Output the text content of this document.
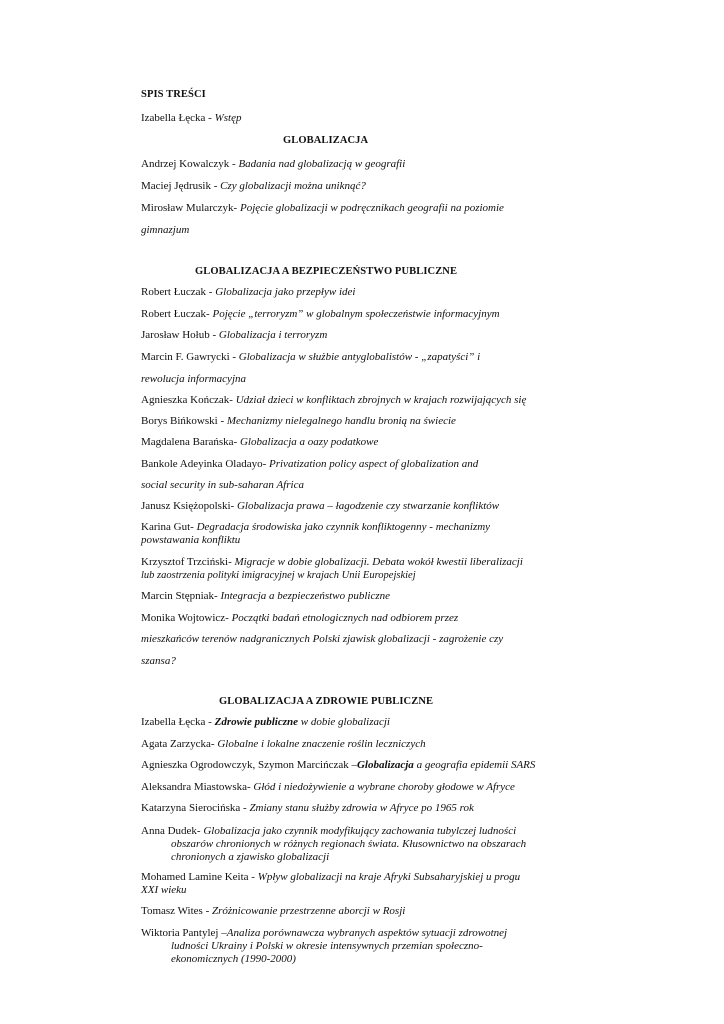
SPIS TREŚCI
Izabella Łęcka - Wstęp
GLOBALIZACJA
Andrzej Kowalczyk - Badania nad globalizacją w geografii
Maciej Jędrusik - Czy globalizacji można uniknąć?
Mirosław Mularczyk- Pojęcie globalizacji w podręcznikach geografii na poziomie
gimnazjum
GLOBALIZACJA A BEZPIECZEŃSTWO PUBLICZNE
Robert Łuczak - Globalizacja jako przepływ idei
Robert Łuczak- Pojęcie „terroryzm” w globalnym społeczeństwie informacyjnym
Jarosław Hołub - Globalizacja i terroryzm
Marcin F. Gawrycki - Globalizacja w służbie antyglobalistów - „zapatyści” i
rewolucja informacyjna
Agnieszka Kończak- Udział dzieci w konfliktach zbrojnych w krajach rozwijających się
Borys Bińkowski - Mechanizmy nielegalnego handlu bronią na świecie
Magdalena Barańska- Globalizacja a oazy podatkowe
Bankole Adeyinka Oladayo- Privatization policy aspect of globalization and
social security in sub-saharan Africa
Janusz Księżopolski- Globalizacja prawa – łagodzenie czy stwarzanie konfliktów
Karina Gut- Degradacja środowiska jako czynnik konfliktogenny - mechanizmy
powstawania konfliktu
Krzysztof Trzciński- Migracje w dobie globalizacji. Debata wokół kwestii liberalizacji
lub zaostrzenia polityki imigracyjnej w krajach Unii Europejskiej
Marcin Stępniak- Integracja a bezpieczeństwo publiczne
Monika Wojtowicz- Początki badań etnologicznych nad odbiorem przez
mieszkańców terenów nadgranicznych Polski zjawisk globalizacji - zagrożenie czy
szansa?
GLOBALIZACJA A ZDROWIE PUBLICZNE
Izabella Łęcka - Zdrowie publiczne w dobie globalizacji
Agata Zarzycka- Globalne i lokalne znaczenie roślin leczniczych
Agnieszka Ogrodowczyk, Szymon Marcińczak –Globalizacja a geografia epidemii SARS
Aleksandra Miastowska- Głód i niedożywienie a wybrane choroby głodowe w Afryce
Katarzyna Sierocińska - Zmiany stanu służby zdrowia w Afryce po 1965 rok
Anna Dudek- Globalizacja jako czynnik modyfikujący zachowania tubylczej ludności
obszarów chronionych w różnych regionach świata. Kłusownictwo na obszarach
chronionych a zjawisko globalizacji
Mohamed Lamine Keita - Wpływ globalizacji na kraje Afryki Subsaharyjskiej u progu
XXI wieku
Tomasz Wites - Zróżnicowanie przestrzenne aborcji w Rosji
Wiktoria Pantylej –Analiza porównawcza wybranych aspektów sytuacji zdrowotnej
ludności Ukrainy i Polski w okresie intensywnych przemian społeczno-
ekonomicznych (1990-2000)
